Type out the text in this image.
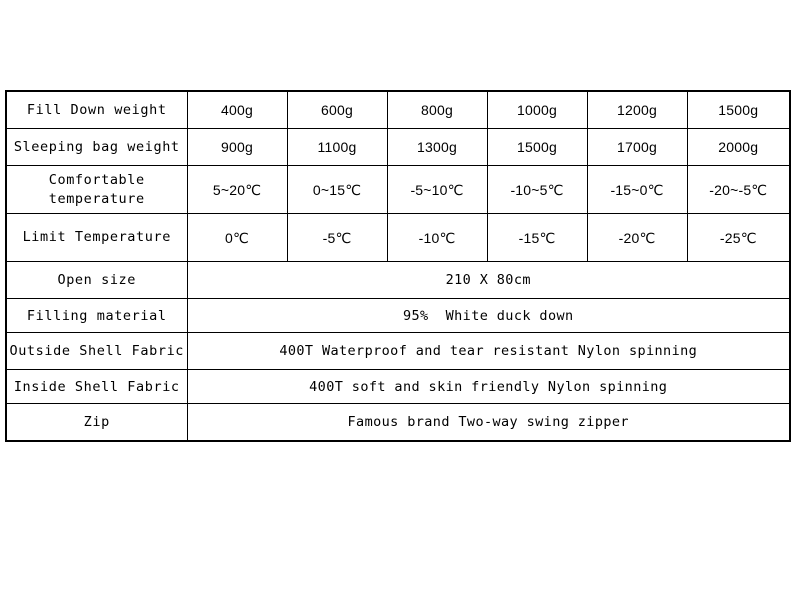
Fill Down weight	400g	600g	800g	1000g	1200g	1500g
Sleeping bag weight	900g	1100g	1300g	1500g	1700g	2000g
Comfortable temperature	5~20℃	0~15℃	-5~10℃	-10~5℃	-15~0℃	-20~-5℃
Limit Temperature	0℃	-5℃	-10℃	-15℃	-20℃	-25℃
Open size	210 X 80cm					
Filling material	95%  White duck down					
Outside Shell Fabric	400T Waterproof and tear resistant Nylon spinning					
Inside Shell Fabric	400T soft and skin friendly Nylon spinning					
Zip	Famous brand Two-way swing zipper					
